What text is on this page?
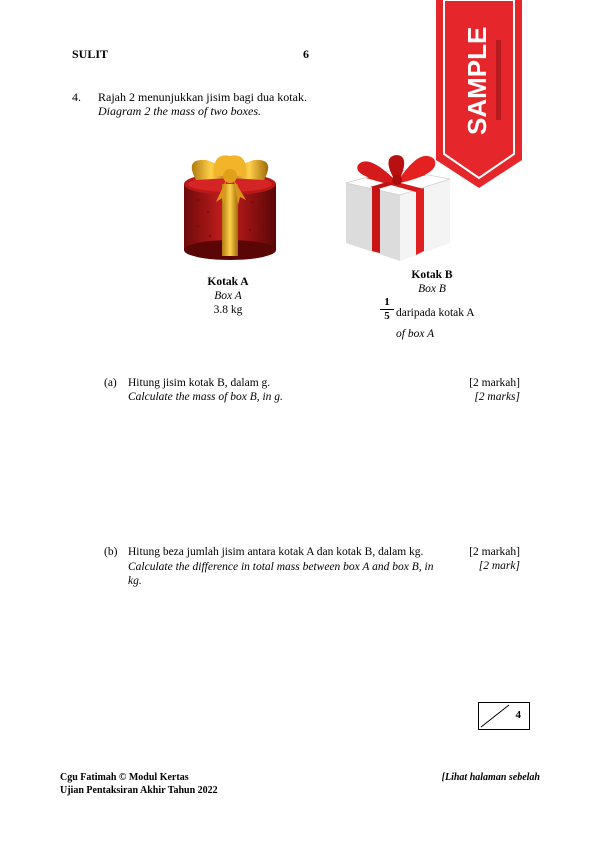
SULIT	6
4. Rajah 2 menunjukkan jisim bagi dua kotak.
Diagram 2 the mass of two boxes.
Kotak A
Box A
3.8 kg
Kotak B
Box B
1
5 daripada kotak A
of box A
(a) Hitung jisim kotak B, dalam g.
Calculate the mass of box B, in g.
[2 markah]
[2 marks]
(b) Hitung beza jumlah jisim antara kotak A dan kotak B, dalam kg.
Calculate the difference in total mass between box A and box B, in kg.
[2 markah]
[2 mark]
4
Cgu Fatimah © Modul Kertas
Ujian Pentaksiran Akhir Tahun 2022
[Lihat halaman sebelah
SAMPLE
